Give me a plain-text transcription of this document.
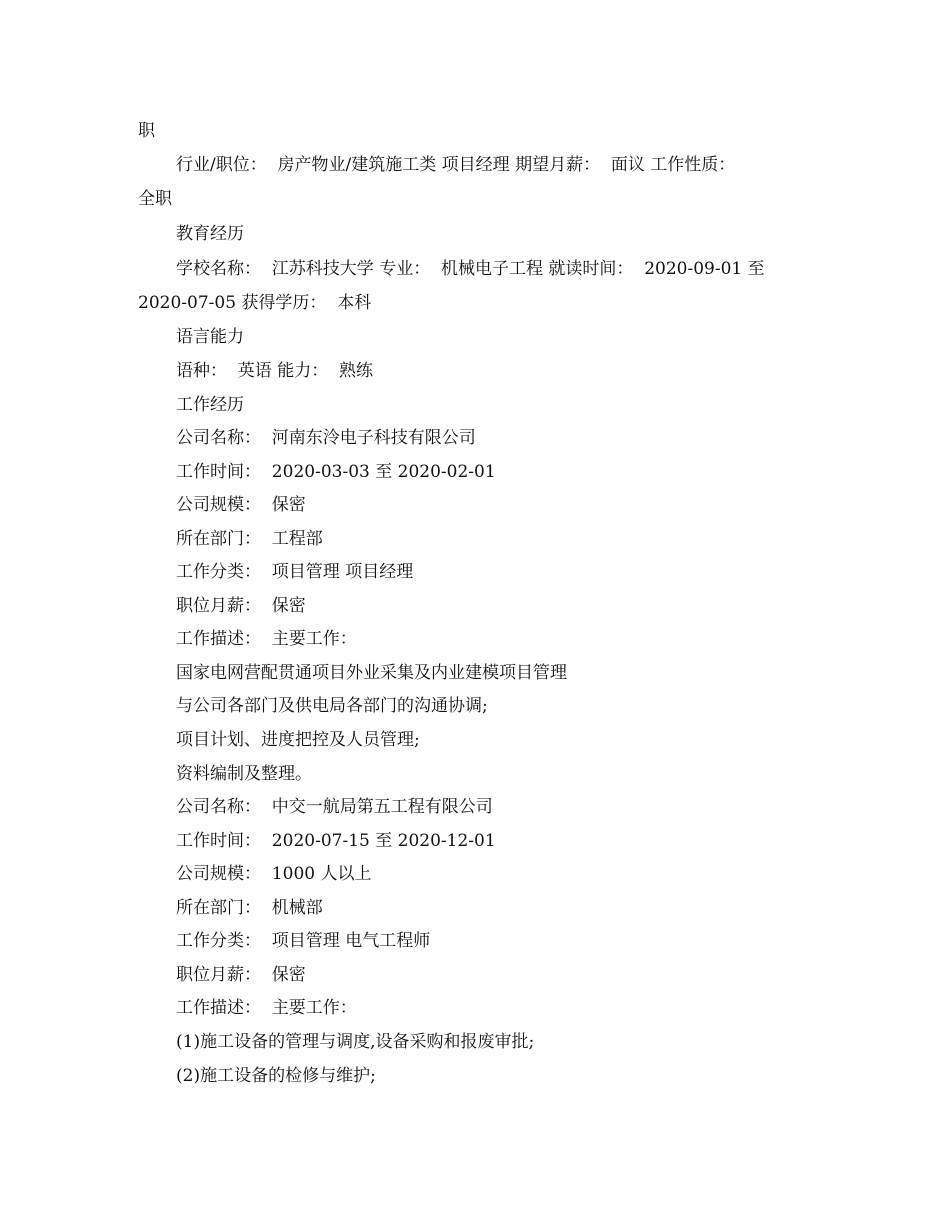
职
行业/职位：  房产物业/建筑施工类 项目经理 期望月薪：  面议 工作性质：
全职
教育经历
学校名称：  江苏科技大学 专业：  机械电子工程 就读时间：  2020-09-01 至
2020-07-05 获得学历：  本科
语言能力
语种：  英语 能力：  熟练
工作经历
公司名称：  河南东泠电子科技有限公司
工作时间：  2020-03-03 至 2020-02-01
公司规模：  保密
所在部门：  工程部
工作分类：  项目管理 项目经理
职位月薪：  保密
工作描述：  主要工作：
国家电网营配贯通项目外业采集及内业建模项目管理
与公司各部门及供电局各部门的沟通协调;
项目计划、进度把控及人员管理;
资料编制及整理。
公司名称：  中交一航局第五工程有限公司
工作时间：  2020-07-15 至 2020-12-01
公司规模：  1000 人以上
所在部门：  机械部
工作分类：  项目管理 电气工程师
职位月薪：  保密
工作描述：  主要工作：
(1)施工设备的管理与调度,设备采购和报废审批;
(2)施工设备的检修与维护;
